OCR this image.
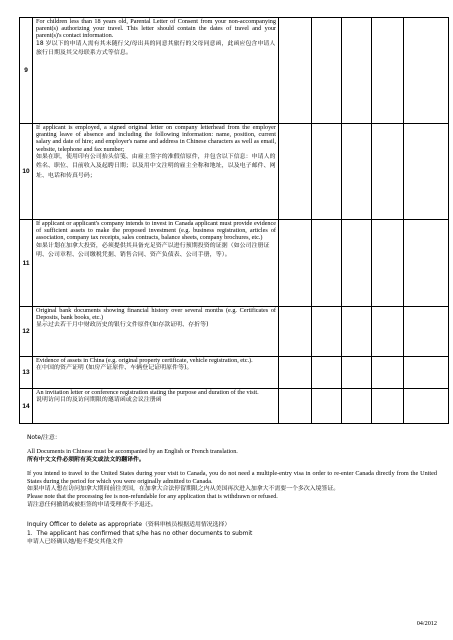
9	For children less than 18 years old, Parental Letter of Consent from your non-accompanying parent(s) authorizing your travel. This letter should contain the dates of travel and your parent(s)'s contact information.

18 岁以下的申请人需有其未随行父/母出具的同意其旅行的父母同意函，此函应包含申请人旅行日期及其父母联系方式等信息。					

10	If applicant is employed, a signed original letter on company letterhead from the employer granting leave of absence and including the following information: name, position, current salary and date of hire; and employer's name and address in Chinese characters as well as email, website, telephone and fax number;

如果在职，使用印有公司抬头信笺、由雇主签字的准假信原件，并包含以下信息：申请人的姓名、职位、目前收入及起聘日期；以及用中文注明的雇主全称和地址，以及电子邮件、网址、电话和传真号码；					

11	If applicant or applicant's company intends to invest in Canada applicant must provide evidence of sufficient assets to make the proposed investment (e.g. business registration, articles of association, company tax receipts, sales contracts, balance sheets, company brochures, etc.)

如果计划在加拿大投资，必须提供其具备充足资产以进行预期投资的证据（如公司注册证明、公司章程、公司缴税凭据、销售合同、资产负债表、公司手册，等）。					

12	Original bank documents showing financial history over several months (e.g. Certificates of Deposits, bank books, etc.)

显示过去若干月中财政历史的银行文件原件(如存款证明、存折等)					

13	Evidence of assets in China (e.g. original property certificate, vehicle registration, etc.).

在中国的资产证明 (如房产证原件、车辆登记证明原件等)。					

14	An invitation letter or conference registration stating the purpose and duration of the visit.

说明访问目的及访问期限的邀请函或会议注册函					

Note/注意：

All Documents in Chinese must be accompanied by an English or French translation.

所有中文文件必须附有英文或法文的翻译件。

If you intend to travel to the United States during your visit to Canada, you do not need a multiple-entry visa in order to re-enter Canada directly from the United States during the period for which you were originally admitted to Canada.

如果申请人想在访问加拿大期间前往美国，在加拿大合法停留期限之内从美国再次进入加拿大不需要一个多次入境签证。

Please note that the processing fee is non-refundable for any application that is withdrawn or refused.

请注意任何撤销或被拒签的申请受理费不予退还。

Inquiry Officer to delete as appropriate（资料审核员根据适用情况选择）

1．The applicant has confirmed that s/he has no other documents to submit

申请人已经确认她/他不提交其他文件

04/2012
